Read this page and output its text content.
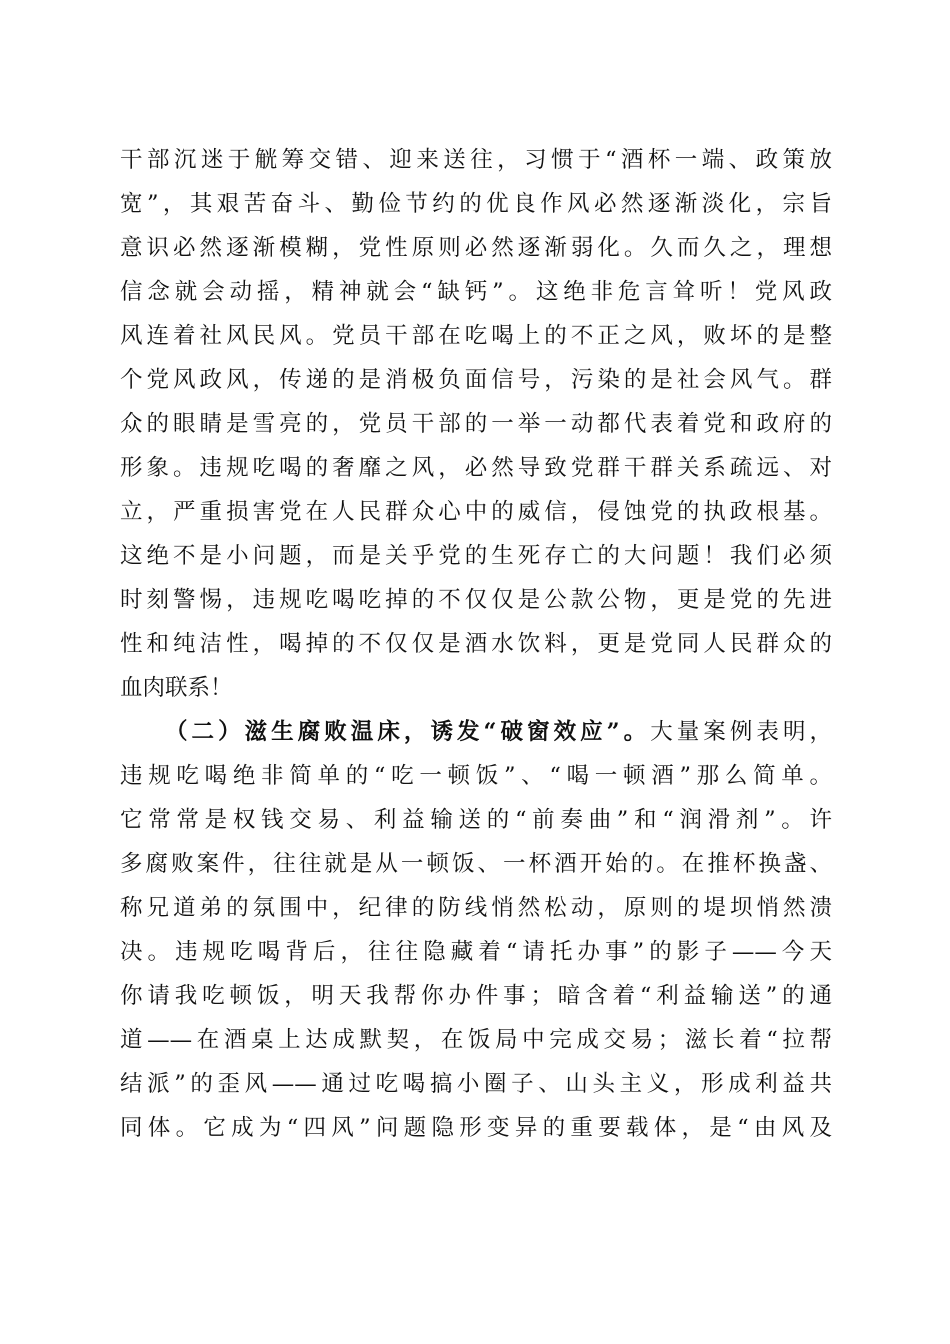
干部沉迷于觥筹交错、迎来送往，习惯于“酒杯一端、政策放
宽”，其艰苦奋斗、勤俭节约的优良作风必然逐渐淡化，宗旨
意识必然逐渐模糊，党性原则必然逐渐弱化。久而久之，理想
信念就会动摇，精神就会“缺钙”。这绝非危言耸听！党风政
风连着社风民风。党员干部在吃喝上的不正之风，败坏的是整
个党风政风，传递的是消极负面信号，污染的是社会风气。群
众的眼睛是雪亮的，党员干部的一举一动都代表着党和政府的
形象。违规吃喝的奢靡之风，必然导致党群干群关系疏远、对
立，严重损害党在人民群众心中的威信，侵蚀党的执政根基。
这绝不是小问题，而是关乎党的生死存亡的大问题！我们必须
时刻警惕，违规吃喝吃掉的不仅仅是公款公物，更是党的先进
性和纯洁性，喝掉的不仅仅是酒水饮料，更是党同人民群众的
血肉联系！
（二）滋生腐败温床，诱发“破窗效应”。大量案例表明，
违规吃喝绝非简单的“吃一顿饭”、“喝一顿酒”那么简单。
它常常是权钱交易、利益输送的“前奏曲”和“润滑剂”。许
多腐败案件，往往就是从一顿饭、一杯酒开始的。在推杯换盏、
称兄道弟的氛围中，纪律的防线悄然松动，原则的堤坝悄然溃
决。违规吃喝背后，往往隐藏着“请托办事”的影子——今天
你请我吃顿饭，明天我帮你办件事；暗含着“利益输送”的通
道——在酒桌上达成默契，在饭局中完成交易；滋长着“拉帮
结派”的歪风——通过吃喝搞小圈子、山头主义，形成利益共
同体。它成为“四风”问题隐形变异的重要载体，是“由风及
